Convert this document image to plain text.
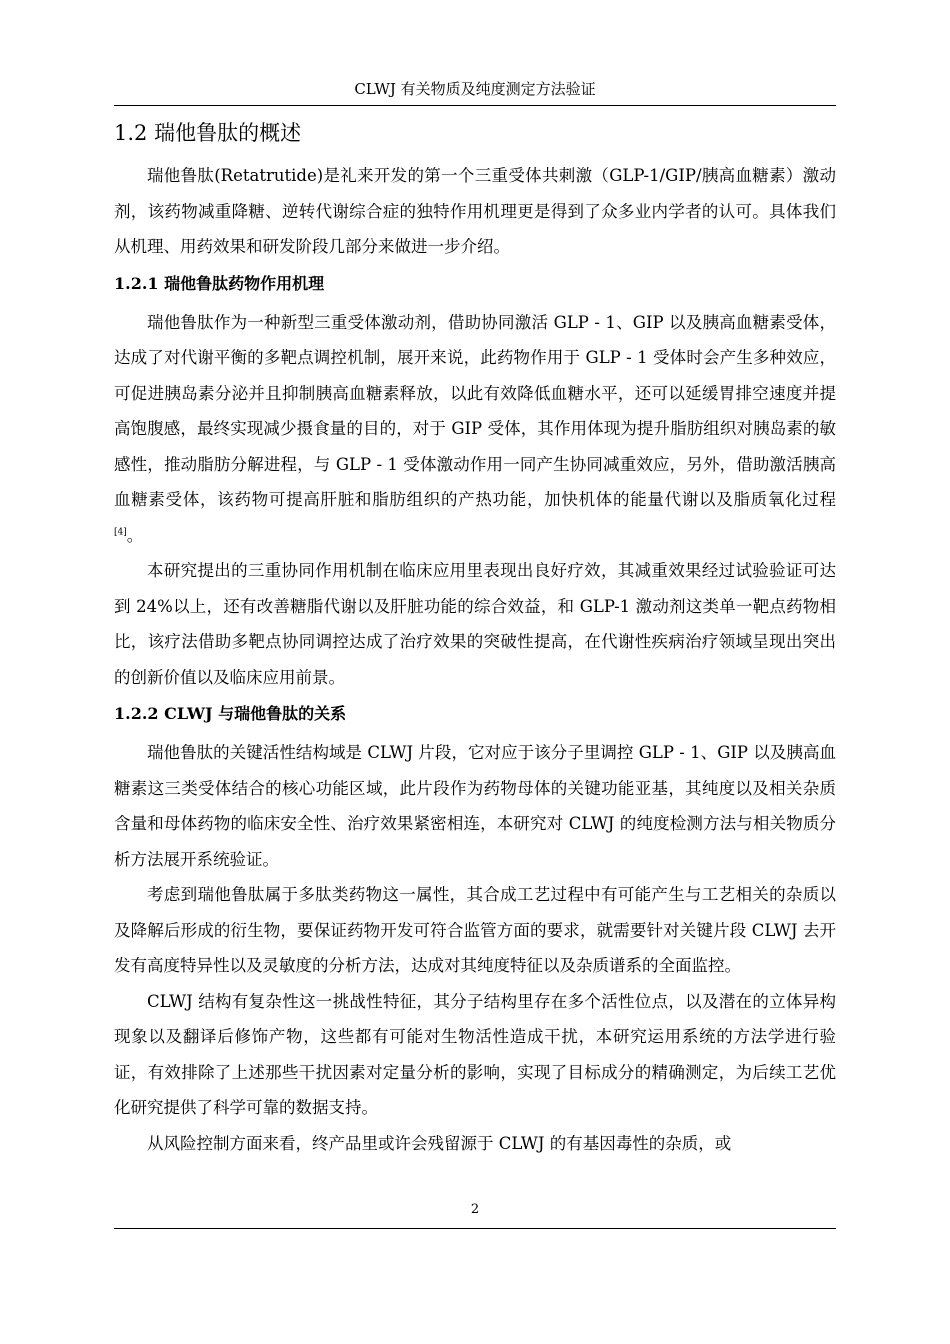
CLWJ 有关物质及纯度测定方法验证
1.2 瑞他鲁肽的概述

瑞他鲁肽(Retatrutide)是礼来开发的第一个三重受体共刺激（GLP-1/GIP/胰高血糖素）激动剂，该药物减重降糖、逆转代谢综合症的独特作用机理更是得到了众多业内学者的认可。具体我们从机理、用药效果和研发阶段几部分来做进一步介绍。

1.2.1 瑞他鲁肽药物作用机理

瑞他鲁肽作为一种新型三重受体激动剂，借助协同激活 GLP - 1、GIP 以及胰高血糖素受体，达成了对代谢平衡的多靶点调控机制，展开来说，此药物作用于 GLP - 1 受体时会产生多种效应，可促进胰岛素分泌并且抑制胰高血糖素释放，以此有效降低血糖水平，还可以延缓胃排空速度并提高饱腹感，最终实现减少摄食量的目的，对于 GIP 受体，其作用体现为提升脂肪组织对胰岛素的敏感性，推动脂肪分解进程，与 GLP - 1 受体激动作用一同产生协同减重效应，另外，借助激活胰高血糖素受体，该药物可提高肝脏和脂肪组织的产热功能，加快机体的能量代谢以及脂质氧化过程[4]。

本研究提出的三重协同作用机制在临床应用里表现出良好疗效，其减重效果经过试验验证可达到 24%以上，还有改善糖脂代谢以及肝脏功能的综合效益，和 GLP-1 激动剂这类单一靶点药物相比，该疗法借助多靶点协同调控达成了治疗效果的突破性提高，在代谢性疾病治疗领域呈现出突出的创新价值以及临床应用前景。

1.2.2 CLWJ 与瑞他鲁肽的关系

瑞他鲁肽的关键活性结构域是 CLWJ 片段，它对应于该分子里调控 GLP - 1、GIP 以及胰高血糖素这三类受体结合的核心功能区域，此片段作为药物母体的关键功能亚基，其纯度以及相关杂质含量和母体药物的临床安全性、治疗效果紧密相连，本研究对 CLWJ 的纯度检测方法与相关物质分析方法展开系统验证。

考虑到瑞他鲁肽属于多肽类药物这一属性，其合成工艺过程中有可能产生与工艺相关的杂质以及降解后形成的衍生物，要保证药物开发可符合监管方面的要求，就需要针对关键片段 CLWJ 去开发有高度特异性以及灵敏度的分析方法，达成对其纯度特征以及杂质谱系的全面监控。

CLWJ 结构有复杂性这一挑战性特征，其分子结构里存在多个活性位点，以及潜在的立体异构现象以及翻译后修饰产物，这些都有可能对生物活性造成干扰，本研究运用系统的方法学进行验证，有效排除了上述那些干扰因素对定量分析的影响，实现了目标成分的精确测定，为后续工艺优化研究提供了科学可靠的数据支持。

从风险控制方面来看，终产品里或许会残留源于 CLWJ 的有基因毒性的杂质，或

2
